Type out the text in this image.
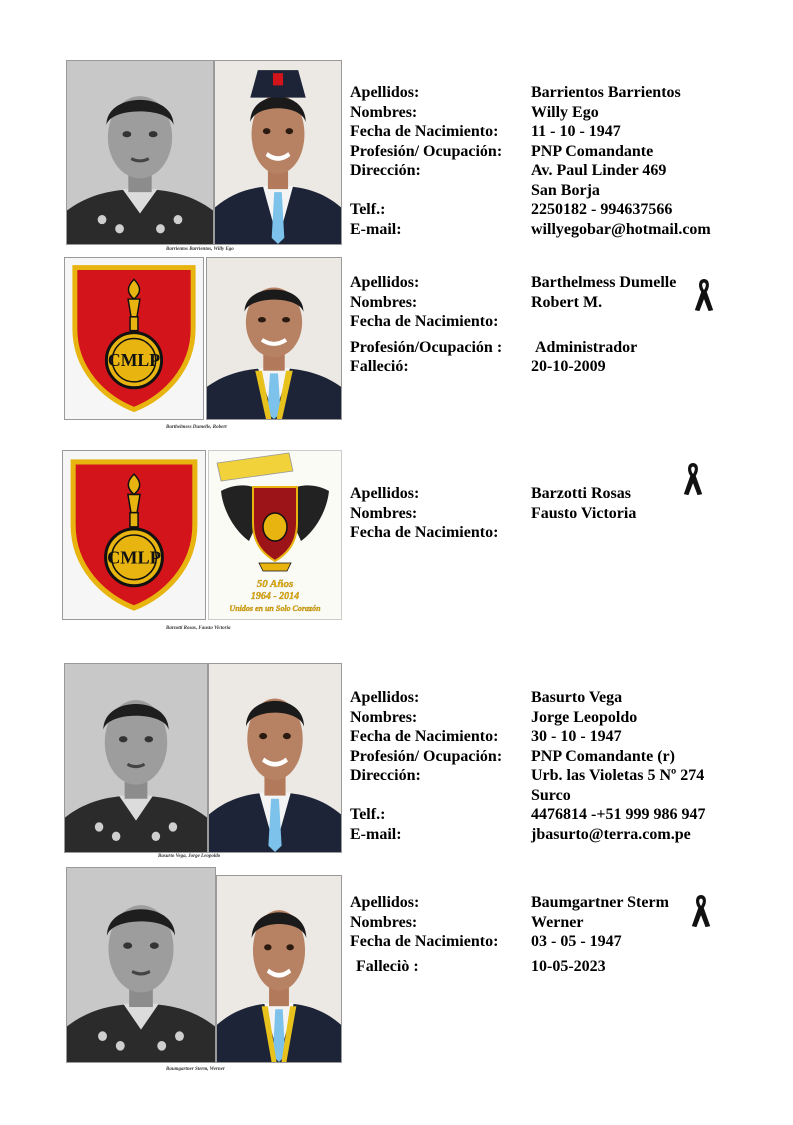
Barrientos Barrientos, Willy Ego
Apellidos:	Barrientos Barrientos
Nombres:	Willy Ego
Fecha de Nacimiento: 11 - 10 - 1947
Profesión/ Ocupación: PNP Comandante
Dirección:	Av. Paul Linder 469
San Borja
Telf.:	2250182 - 994637566
E-mail:	willyegobar@hotmail.com
CMLP
Barthelmess Dumelle, Robert
Apellidos:	Barthelmess Dumelle
Nombres:	Robert M.
Fecha de Nacimiento:
Profesión/Ocupación : Administrador
Falleció:	20-10-2009
CMLP
50 Años
1964 - 2014
Unidos en un Solo Corazón
Barzotti Rosas, Fausto Victoria
Apellidos:	Barzotti Rosas
Nombres:	Fausto Victoria
Fecha de Nacimiento:
Basurto Vega, Jorge Leopoldo
Apellidos:	Basurto Vega
Nombres:	Jorge Leopoldo
Fecha de Nacimiento: 30 - 10 - 1947
Profesión/ Ocupación: PNP Comandante (r)
Dirección:	Urb. las Violetas 5 Nº 274
Surco
Telf.:	4476814 -+51 999 986 947
E-mail:	jbasurto@terra.com.pe
Apellidos:	Baumgartner Sterm
Nombres:	Werner
Fecha de Nacimiento: 03 - 05 - 1947
Falleciò :	10-05-2023
Baumgartner Sterm, Werner
